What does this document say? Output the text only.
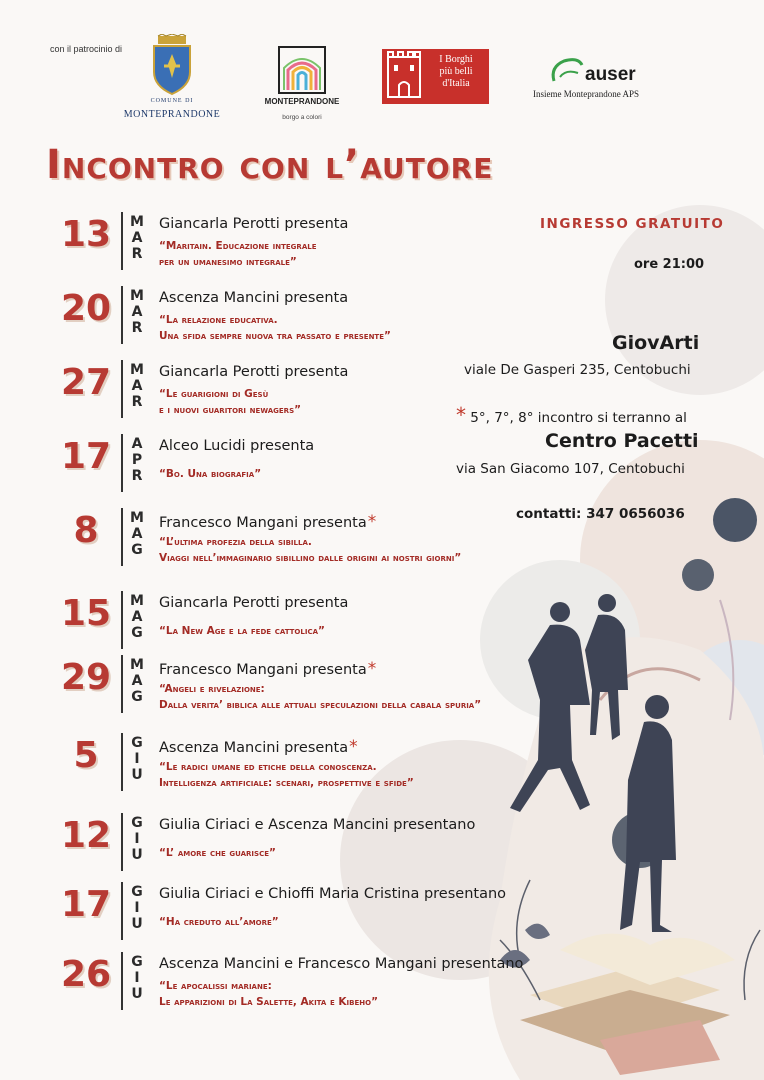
con il patrocinio di
COMUNE DI
MONTEPRANDONE
MONTEPRANDONE
borgo a colori
I Borghi
più belli
d'Italia	auser
Insieme Monteprandone APS
Incontro con l’autore
INGRESSO GRATUITO
ore 21:00
GiovArti
viale De Gasperi 235, Centobuchi
* 5°, 7°, 8° incontro si terranno al
Centro Pacetti
via San Giacomo 107, Centobuchi
contatti: 347 0656036
13	M
A
R
Giancarla Perotti presenta
“Maritain. Educazione integrale
per un umanesimo integrale”
20	M
A
R
Ascenza Mancini presenta
“La relazione educativa.
Una sfida sempre nuova tra passato e presente”
27	M
A
R
Giancarla Perotti presenta
“Le guarigioni di Gesù
e i nuovi guaritori newagers”
17	A
P
R
Alceo Lucidi presenta
“Bo. Una biografia”
8	M
A
G
Francesco Mangani presenta*
“L’ultima profezia della sibilla.
Viaggi nell’immaginario sibillino dalle origini ai nostri giorni”
15	M
A
G
Giancarla Perotti presenta
“La New Age e la fede cattolica”
29	M
A
G
Francesco Mangani presenta*
“Angeli e rivelazione:
Dalla verita’ biblica alle attuali speculazioni della cabala spuria”
5	G
I
U
Ascenza Mancini presenta*
“Le radici umane ed etiche della conoscenza.
Intelligenza artificiale: scenari, prospettive e sfide”
12	G
I
U
Giulia Ciriaci e Ascenza Mancini presentano
“L’ amore che guarisce”
17	G
I
U
Giulia Ciriaci e Chioffi Maria Cristina presentano
“Ha creduto all’amore”
26	G
I
U
Ascenza Mancini e Francesco Mangani presentano
“Le apocalissi mariane:
Le apparizioni di La Salette, Akita e Kibeho”
